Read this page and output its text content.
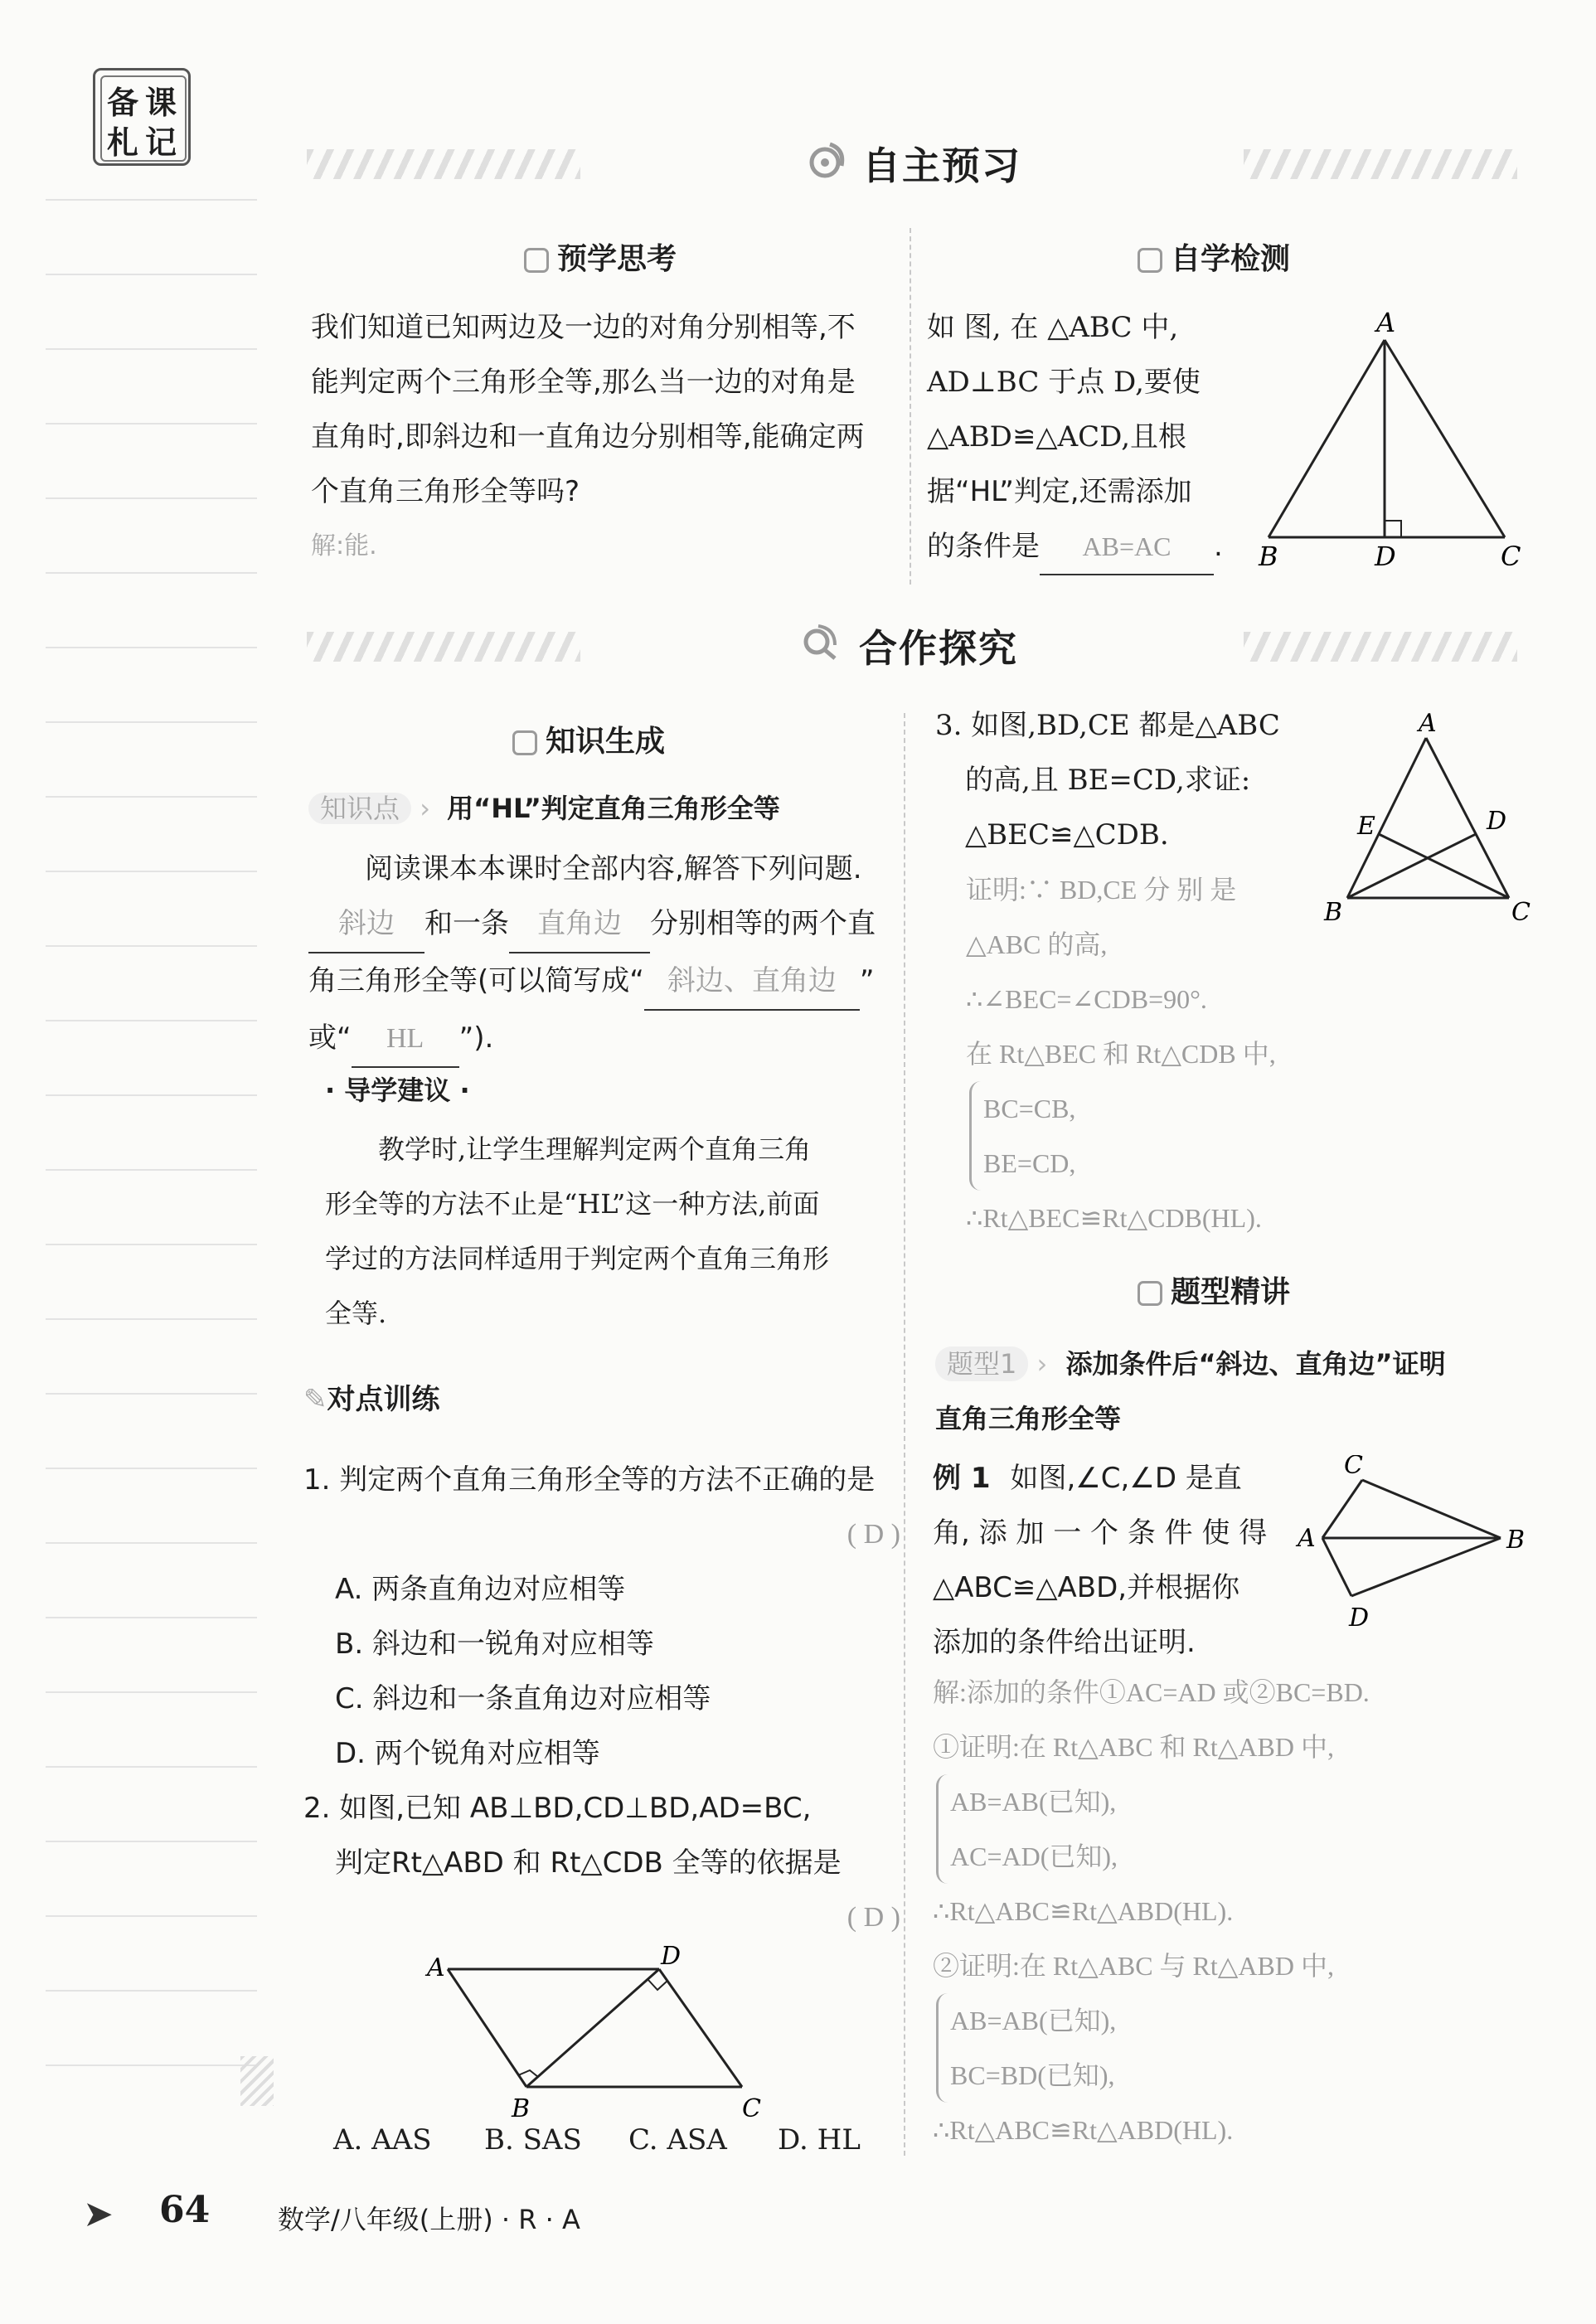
备 课
札 记
自主预习
预学思考
我们知道已知两边及一边的对角分别相等,不
能判定两个三角形全等,那么当一边的对角是
直角时,即斜边和一直角边分别相等,能确定两
个直角三角形全等吗?
解:能.
自学检测
如 图, 在 △ABC 中,
AD⊥BC 于点 D,要使
△ABD≌△ACD,且根
据“HL”判定,还需添加
的条件是 AB=AC .
A
B	D	C
合作探究
知识生成
知识点 › 用“HL”判定直角三角形全等
阅读课本本课时全部内容,解答下列问题.
斜边 和一条 直角边 分别相等的两个直
角三角形全等(可以简写成“ 斜边、直角边 ”
或“ HL ”).
· 导学建议 ·
教学时,让学生理解判定两个直角三角
形全等的方法不止是“HL”这一种方法,前面
学过的方法同样适用于判定两个直角三角形
全等.
✎对点训练
1. 判定两个直角三角形全等的方法不正确的是
( D )
A. 两条直角边对应相等
B. 斜边和一锐角对应相等
C. 斜边和一条直角边对应相等
D. 两个锐角对应相等
2. 如图,已知 AB⊥BD,CD⊥BD,AD=BC,
判定Rt△ABD 和 Rt△CDB 全等的依据是
( D )
A	D
B	C
A. AAS B. SAS C. ASA D. HL
3. 如图,BD,CE 都是△ABC
的高,且 BE=CD,求证:
△BEC≌△CDB.
A
E	D
B	C
证明:∵ BD,CE 分 别 是
△ABC 的高,
∴∠BEC=∠CDB=90°.
在 Rt△BEC 和 Rt△CDB 中,
BC=CB,
BE=CD,
∴Rt△BEC≌Rt△CDB(HL).
题型精讲
题型1 › 添加条件后“斜边、直角边”证明
直角三角形全等
例 1 如图,∠C,∠D 是直
角, 添 加 一 个 条 件 使 得
△ABC≌△ABD,并根据你
添加的条件给出证明.
C
A	B
D
解:添加的条件①AC=AD 或②BC=BD.
①证明:在 Rt△ABC 和 Rt△ABD 中,
AB=AB(已知),
AC=AD(已知),
∴Rt△ABC≌Rt△ABD(HL).
②证明:在 Rt△ABC 与 Rt△ABD 中,
AB=AB(已知),
BC=BD(已知),
∴Rt△ABC≌Rt△ABD(HL).
➤ 64	数学/八年级(上册) · R · A
